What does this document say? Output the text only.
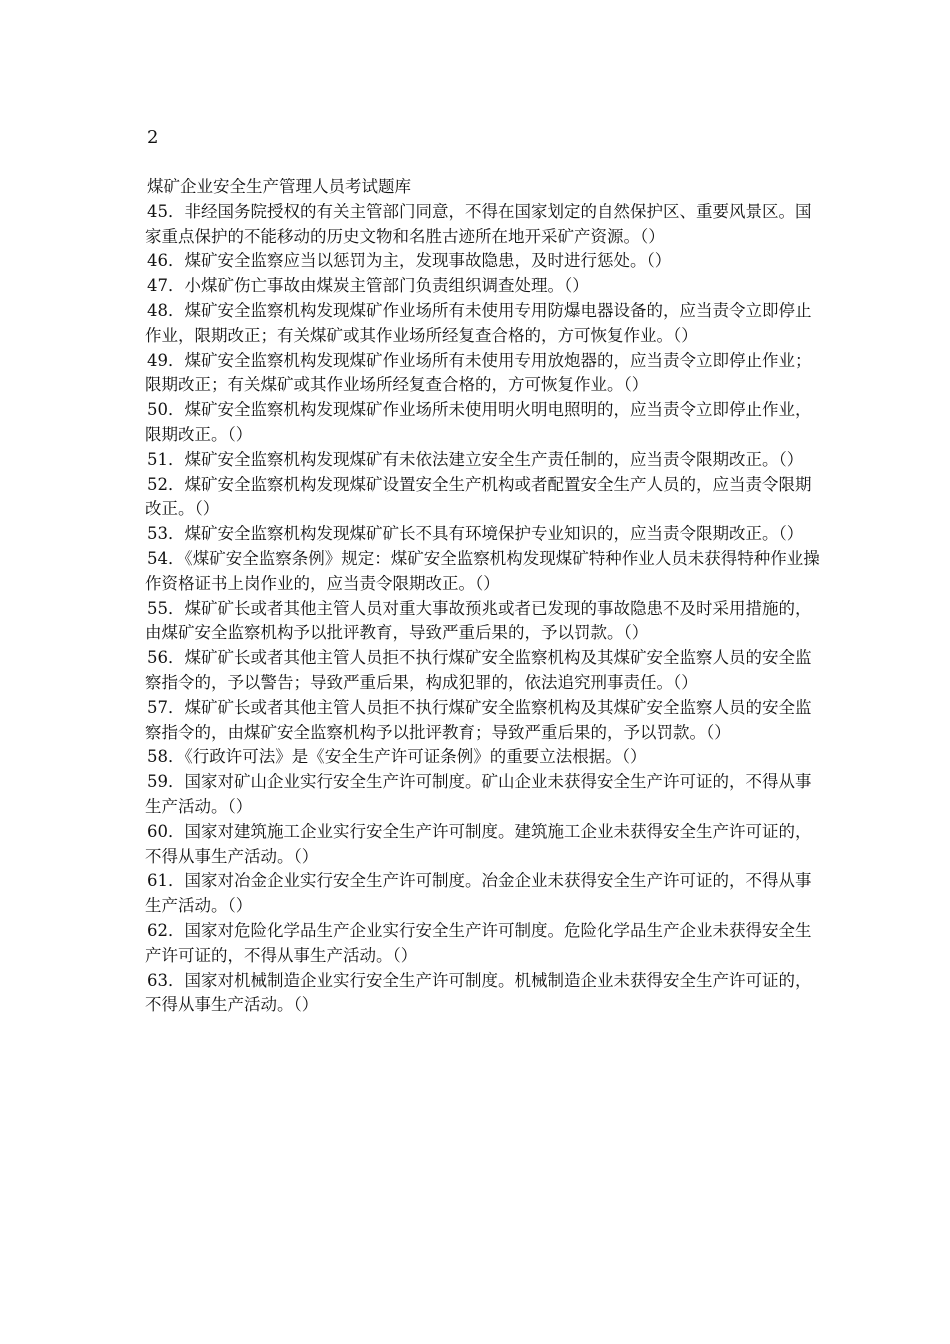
2
煤矿企业安全生产管理人员考试题库

45．非经国务院授权的有关主管部门同意，不得在国家划定的自然保护区、重要风景区。国家重点保护的不能移动的历史文物和名胜古迹所在地开采矿产资源。（）

46．煤矿安全监察应当以惩罚为主，发现事故隐患，及时进行惩处。（）

47．小煤矿伤亡事故由煤炭主管部门负责组织调查处理。（）

48．煤矿安全监察机构发现煤矿作业场所有未使用专用防爆电器设备的，应当责令立即停止作业，限期改正；有关煤矿或其作业场所经复查合格的，方可恢复作业。（）

49．煤矿安全监察机构发现煤矿作业场所有未使用专用放炮器的，应当责令立即停止作业；限期改正；有关煤矿或其作业场所经复查合格的，方可恢复作业。（）

50．煤矿安全监察机构发现煤矿作业场所未使用明火明电照明的，应当责令立即停止作业，限期改正。（）

51．煤矿安全监察机构发现煤矿有未依法建立安全生产责任制的，应当责令限期改正。（）

52．煤矿安全监察机构发现煤矿设置安全生产机构或者配置安全生产人员的，应当责令限期改正。（）

53．煤矿安全监察机构发现煤矿矿长不具有环境保护专业知识的，应当责令限期改正。（）

54．《煤矿安全监察条例》规定：煤矿安全监察机构发现煤矿特种作业人员未获得特种作业操作资格证书上岗作业的，应当责令限期改正。（）

55．煤矿矿长或者其他主管人员对重大事故预兆或者已发现的事故隐患不及时采用措施的，由煤矿安全监察机构予以批评教育，导致严重后果的，予以罚款。（）

56．煤矿矿长或者其他主管人员拒不执行煤矿安全监察机构及其煤矿安全监察人员的安全监察指令的，予以警告；导致严重后果，构成犯罪的，依法追究刑事责任。（）

57．煤矿矿长或者其他主管人员拒不执行煤矿安全监察机构及其煤矿安全监察人员的安全监察指令的，由煤矿安全监察机构予以批评教育；导致严重后果的，予以罚款。（）

58．《行政许可法》是《安全生产许可证条例》的重要立法根据。（）

59．国家对矿山企业实行安全生产许可制度。矿山企业未获得安全生产许可证的，不得从事生产活动。（）

60．国家对建筑施工企业实行安全生产许可制度。建筑施工企业未获得安全生产许可证的，不得从事生产活动。（）

61．国家对冶金企业实行安全生产许可制度。冶金企业未获得安全生产许可证的，不得从事生产活动。（）

62．国家对危险化学品生产企业实行安全生产许可制度。危险化学品生产企业未获得安全生产许可证的，不得从事生产活动。（）

63．国家对机械制造企业实行安全生产许可制度。机械制造企业未获得安全生产许可证的，不得从事生产活动。（）
